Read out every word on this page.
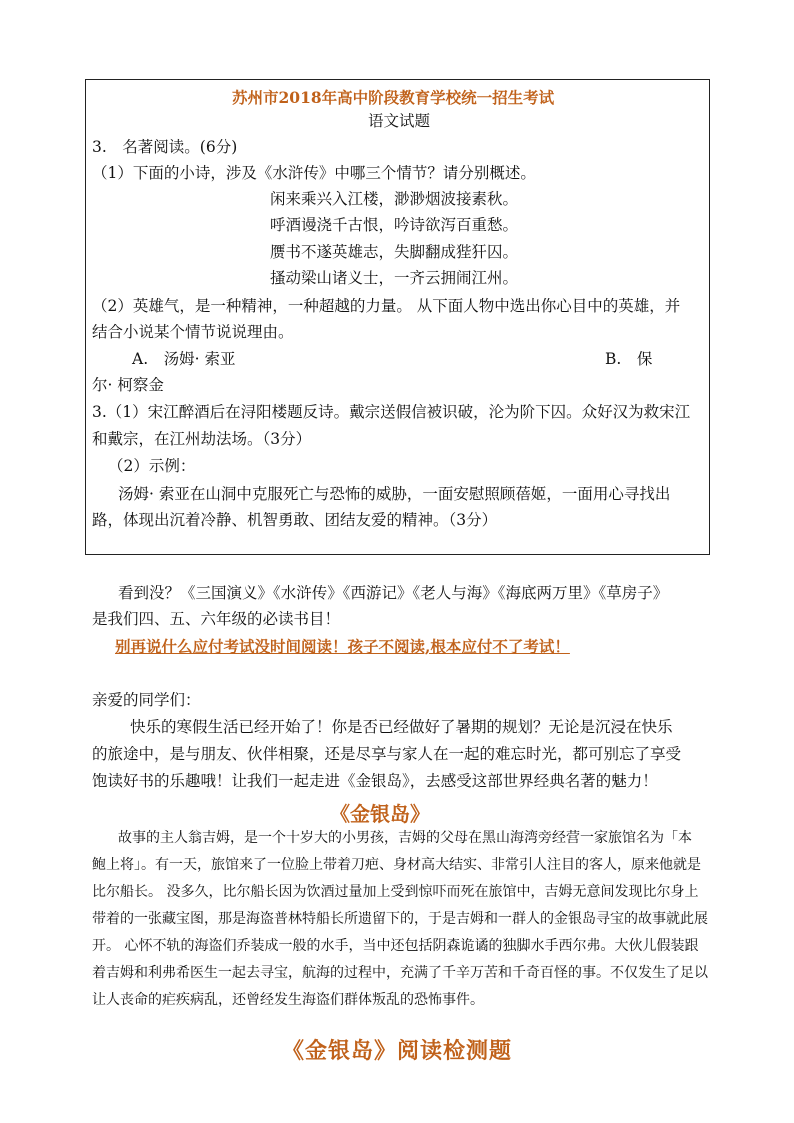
苏州市2018年高中阶段教育学校统一招生考试
语文试题
3.　名著阅读。(6分)
（1）下面的小诗，涉及《水浒传》中哪三个情节？请分别概述。
闲来乘兴入江楼，渺渺烟波接素秋。
呼酒谩浇千古恨，吟诗欲泻百重愁。
赝书不遂英雄志，失脚翻成狴犴囚。
搔动梁山诸义士，一齐云拥闹江州。
（2）英雄气，是一种精神，一种超越的力量。 从下面人物中选出你心目中的英雄，并
结合小说某个情节说说理由。
A.　汤姆· 索亚	B.　保
尔· 柯察金
3.（1）宋江醉酒后在浔阳楼题反诗。戴宗送假信被识破，沦为阶下囚。众好汉为救宋江
和戴宗，在江州劫法场。（3分）
（2）示例：
汤姆· 索亚在山洞中克服死亡与恐怖的威胁，一面安慰照顾蓓姬，一面用心寻找出
路，体现出沉着冷静、机智勇敢、团结友爱的精神。（3分）
看到没？《三国演义》《水浒传》《西游记》《老人与海》《海底两万里》《草房子》
是我们四、五、六年级的必读书目！
别再说什么应付考试没时间阅读！孩子不阅读,根本应付不了考试！
亲爱的同学们：
快乐的寒假生活已经开始了！你是否已经做好了暑期的规划？无论是沉浸在快乐
的旅途中，是与朋友、伙伴相聚，还是尽享与家人在一起的难忘时光，都可别忘了享受
饱读好书的乐趣哦！让我们一起走进《金银岛》，去感受这部世界经典名著的魅力！
《金银岛》
故事的主人翁吉姆，是一个十岁大的小男孩，吉姆的父母在黑山海湾旁经营一家旅馆名为「本
鲍上将」。有一天，旅馆来了一位脸上带着刀疤、身材高大结实、非常引人注目的客人，原来他就是
比尔船长。 没多久，比尔船长因为饮酒过量加上受到惊吓而死在旅馆中，吉姆无意间发现比尔身上
带着的一张藏宝图，那是海盗普林特船长所遗留下的，于是吉姆和一群人的金银岛寻宝的故事就此展
开。 心怀不轨的海盗们乔装成一般的水手，当中还包括阴森诡谲的独脚水手西尔弗。大伙儿假装跟
着吉姆和利弗希医生一起去寻宝，航海的过程中，充满了千辛万苦和千奇百怪的事。不仅发生了足以
让人丧命的疟疾病乱，还曾经发生海盗们群体叛乱的恐怖事件。
《金银岛》阅读检测题
